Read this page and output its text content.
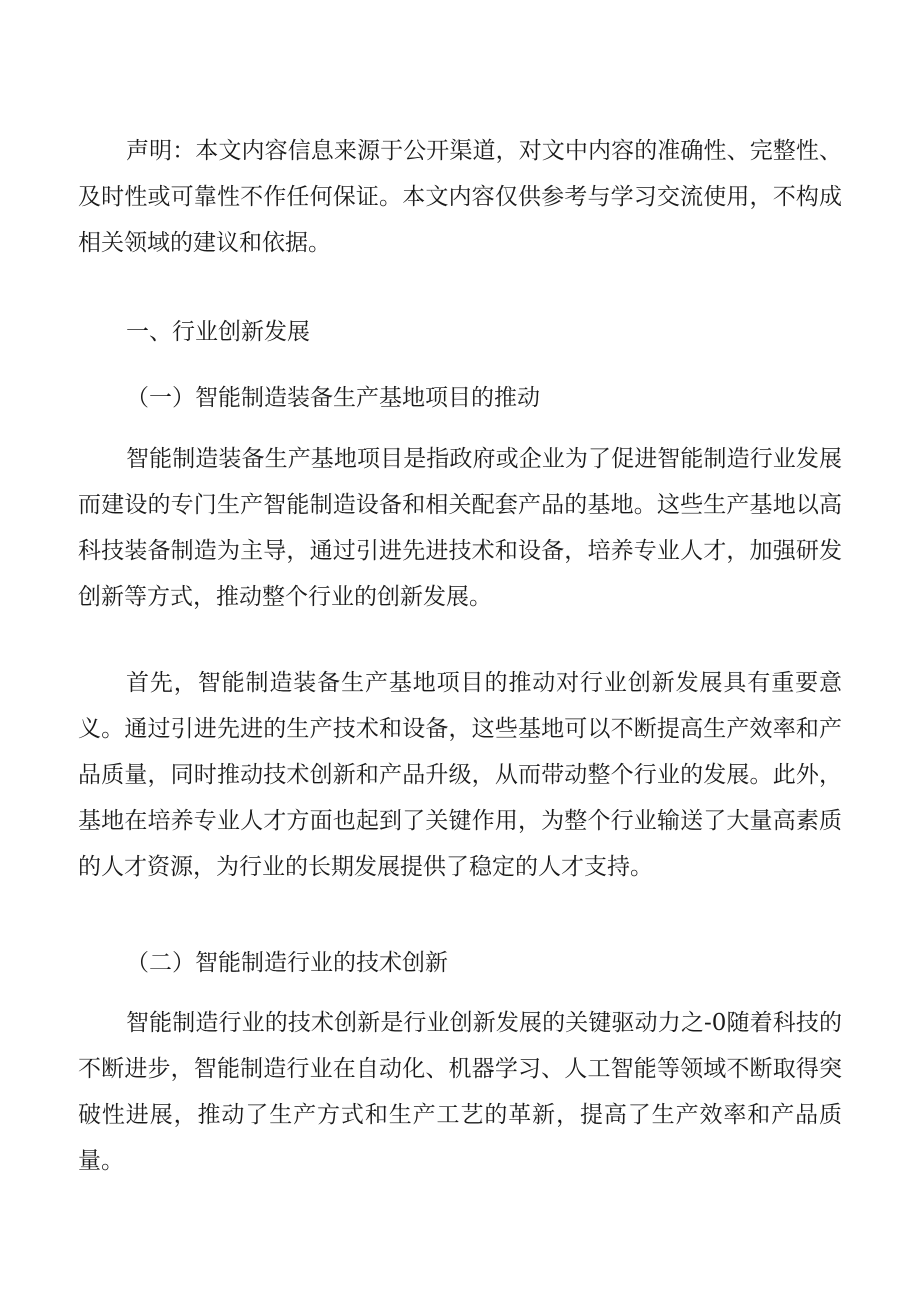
声明：本文内容信息来源于公开渠道，对文中内容的准确性、完整性、及时性或可靠性不作任何保证。本文内容仅供参考与学习交流使用，不构成相关领域的建议和依据。

一、行业创新发展
（一）智能制造装备生产基地项目的推动

智能制造装备生产基地项目是指政府或企业为了促进智能制造行业发展而建设的专门生产智能制造设备和相关配套产品的基地。这些生产基地以高科技装备制造为主导，通过引进先进技术和设备，培养专业人才，加强研发创新等方式，推动整个行业的创新发展。

首先，智能制造装备生产基地项目的推动对行业创新发展具有重要意义。通过引进先进的生产技术和设备，这些基地可以不断提高生产效率和产品质量，同时推动技术创新和产品升级，从而带动整个行业的发展。此外，基地在培养专业人才方面也起到了关键作用，为整个行业输送了大量高素质的人才资源，为行业的长期发展提供了稳定的人才支持。

（二）智能制造行业的技术创新

智能制造行业的技术创新是行业创新发展的关键驱动力之-0随着科技的不断进步，智能制造行业在自动化、机器学习、人工智能等领域不断取得突破性进展，推动了生产方式和生产工艺的革新，提高了生产效率和产品质量。
